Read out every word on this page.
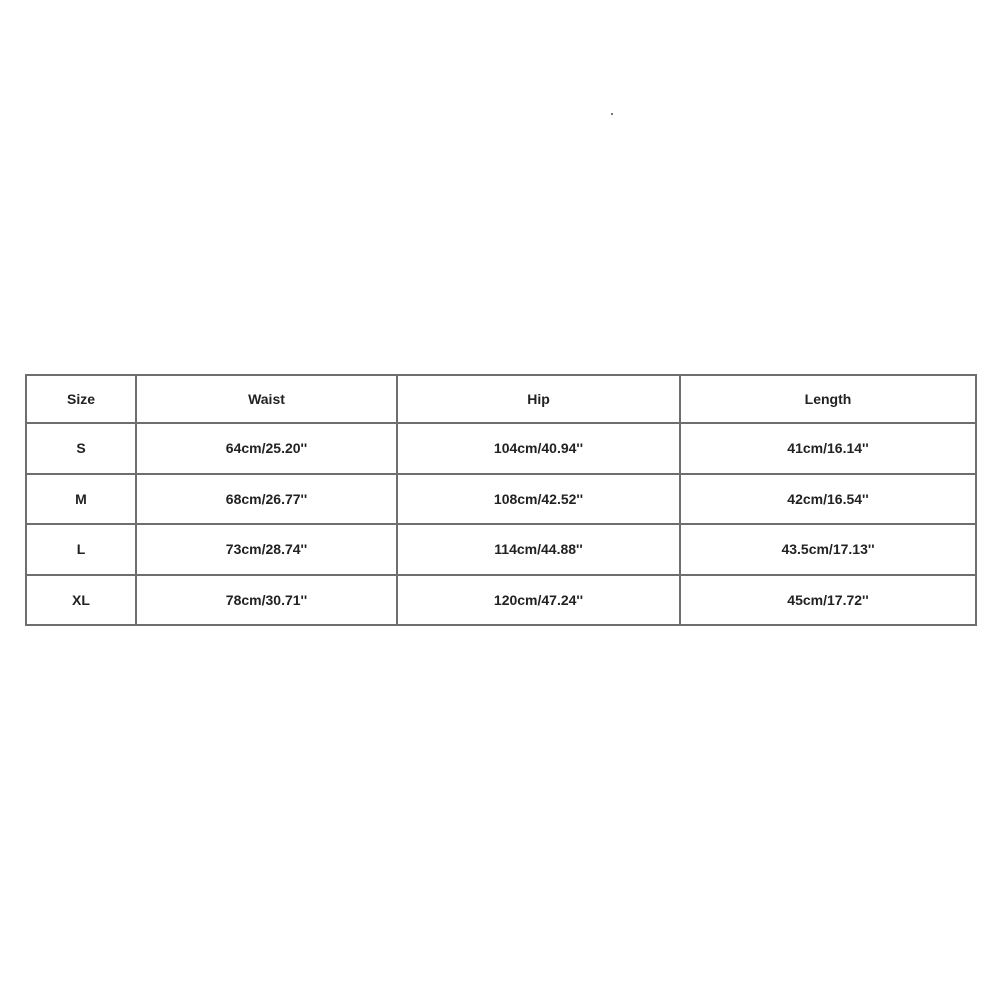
Size	Waist	Hip	Length
S	64cm/25.20''	104cm/40.94''	41cm/16.14''
M	68cm/26.77''	108cm/42.52''	42cm/16.54''
L	73cm/28.74''	114cm/44.88''	43.5cm/17.13''
XL	78cm/30.71''	120cm/47.24''	45cm/17.72''
